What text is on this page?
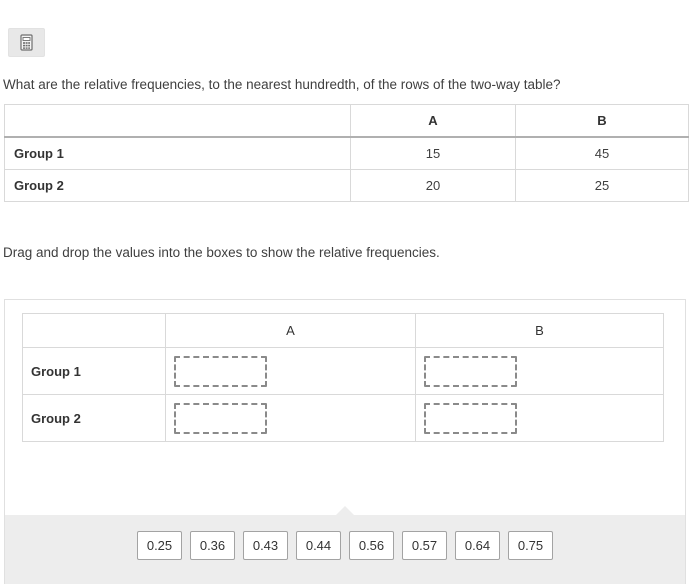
What are the relative frequencies, to the nearest hundredth, of the rows of the two-way table?
	A	B
Group 1	15	45
Group 2	20	25
Drag and drop the values into the boxes to show the relative frequencies.
	A	B
Group 1	

Group 2	

0.25	0.36	0.43	0.44	0.56	0.57	0.64	0.75
